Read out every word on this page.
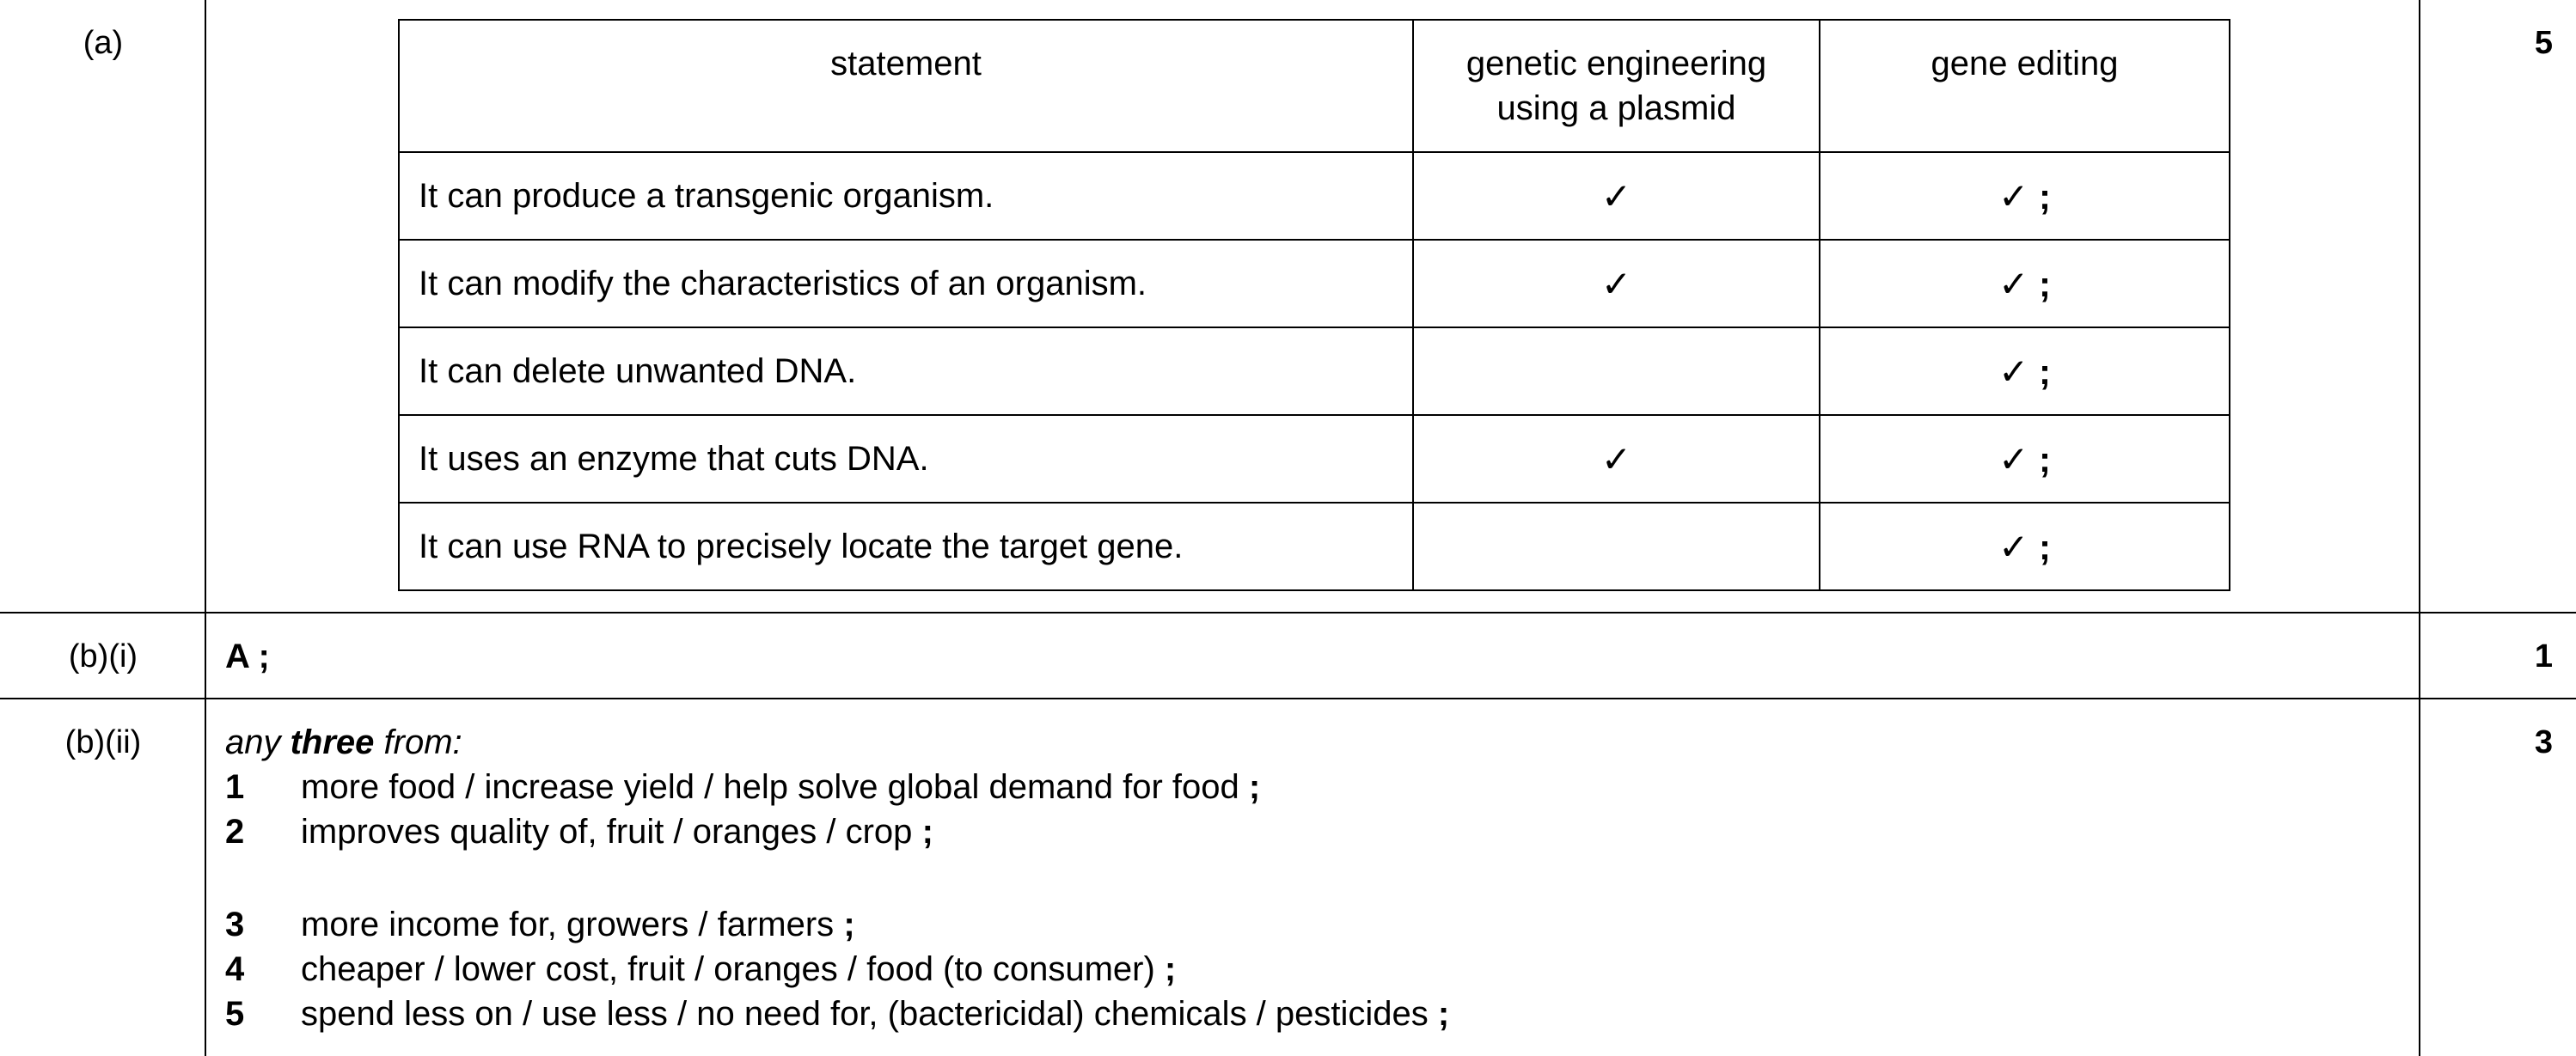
(a)	5
statement	genetic engineering using a plasmid	gene editing
It can produce a transgenic organism.	✓	✓ ;
It can modify the characteristics of an organism.	✓	✓ ;
It can delete unwanted DNA.		✓ ;
It uses an enzyme that cuts DNA.	✓	✓ ;
It can use RNA to precisely locate the target gene.		✓ ;
(b)(i)	A ;	1
(b)(ii)	3
any three from:
1 more food / increase yield / help solve global demand for food ;
2 improves quality of, fruit / oranges / crop ;
3 more income for, growers / farmers ;
4 cheaper / lower cost, fruit / oranges / food (to consumer) ;
5 spend less on / use less / no need for, (bactericidal) chemicals / pesticides ;
